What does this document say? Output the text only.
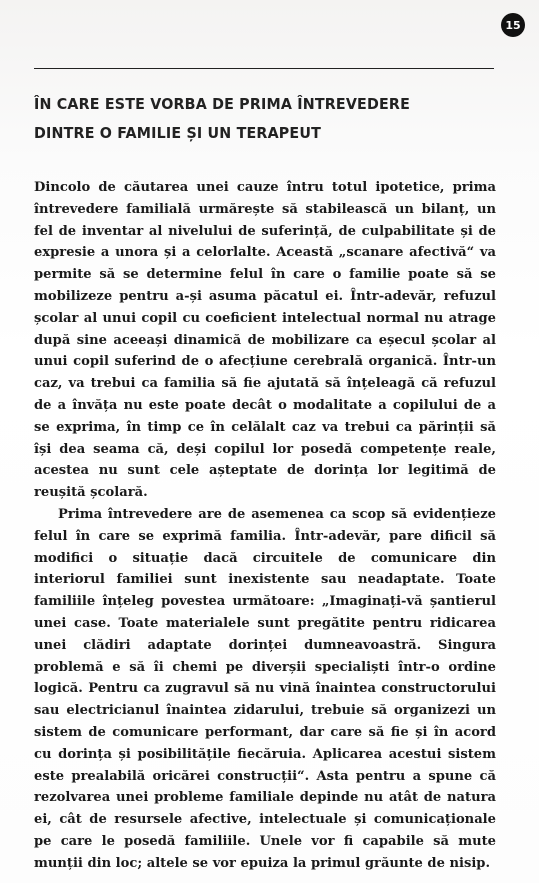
15
ÎN CARE ESTE VORBA DE PRIMA ÎNTREVEDERE DINTRE O FAMILIE ȘI UN TERAPEUT

Dincolo de căutarea unei cauze întru totul ipotetice, prima întrevedere familială urmărește să stabilească un bilanț, un fel de inventar al nivelului de suferință, de culpabilitate și de expresie a unora și a celorlalte. Această „scanare afectivă“ va permite să se determine felul în care o familie poate să se mobilizeze pentru a-și asuma păcatul ei. Într-adevăr, refuzul școlar al unui copil cu coeficient intelectual normal nu atrage după sine aceeași dinamică de mobilizare ca eșecul școlar al unui copil suferind de o afecțiune cerebrală organică. Într-un caz, va trebui ca familia să fie ajutată să înțeleagă că refuzul de a învăța nu este poate decât o modalitate a copilului de a se exprima, în timp ce în celălalt caz va trebui ca părinții să își dea seama că, deși copilul lor posedă competențe reale, acestea nu sunt cele așteptate de dorința lor legitimă de reușită școlară.

Prima întrevedere are de asemenea ca scop să evidențieze felul în care se exprimă familia. Într-adevăr, pare dificil să modifici o situație dacă circuitele de comunicare din interiorul familiei sunt inexistente sau neadaptate. Toate familiile înțeleg povestea următoare: „Imaginați-vă șantierul unei case. Toate materialele sunt pregătite pentru ridicarea unei clădiri adaptate dorinței dumneavoastră. Singura problemă e să îi chemi pe diverșii specialiști într-o ordine logică. Pentru ca zugravul să nu vină înaintea constructorului sau electricianul înaintea zidarului, trebuie să organizezi un sistem de comunicare performant, dar care să fie și în acord cu dorința și posibilitățile fiecăruia. Aplicarea acestui sistem este prealabilă oricărei construcții“. Asta pentru a spune că rezolvarea unei probleme familiale depinde nu atât de natura ei, cât de resursele afective, intelectuale și comunicaționale pe care le posedă familiile. Unele vor fi capabile să mute munții din loc; altele se vor epuiza la primul grăunte de nisip.
